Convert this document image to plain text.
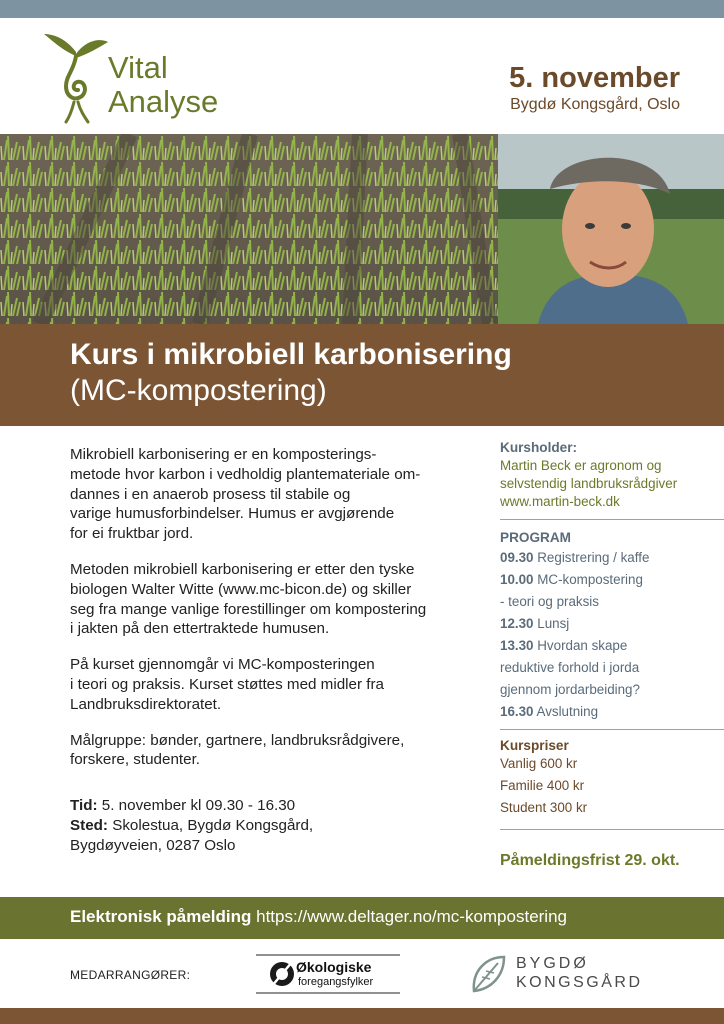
Vital
Analyse
5. november
Bygdø Kongsgård, Oslo
Kurs i mikrobiell karbonisering
(MC-kompostering)

Mikrobiell karbonisering er en komposterings-
metode hvor karbon i vedholdig plantemateriale om-
dannes i en anaerob prosess til stabile og
varige humusforbindelser. Humus er avgjørende
for ei fruktbar jord.

Metoden mikrobiell karbonisering er etter den tyske
biologen Walter Witte (www.mc-bicon.de) og skiller
seg fra mange vanlige forestillinger om kompostering
i jakten på den ettertraktede humusen.

På kurset gjennomgår vi MC-komposteringen
i teori og praksis. Kurset støttes med midler fra
Landbruksdirektoratet.

Målgruppe: bønder, gartnere, landbruksrådgivere,
forskere, studenter.

Tid: 5. november kl 09.30 - 16.30
Sted: Skolestua, Bygdø Kongsgård,
Bygdøyveien, 0287 Oslo
Kursholder:
Martin Beck er agronom og
selvstendig landbruksrådgiver
www.martin-beck.dk
PROGRAM
09.30 Registrering / kaffe
10.00 MC-kompostering
- teori og praksis
12.30 Lunsj
13.30 Hvordan skape
reduktive forhold i jorda
gjennom jordarbeiding?
16.30 Avslutning
Kurspriser
Vanlig 600 kr
Familie 400 kr
Student 300 kr
Påmeldingsfrist 29. okt.
Elektronisk påmelding https://www.deltager.no/mc-kompostering
MEDARRANGØRER:	Økologiske
foregangsfylker
BYGDØ
KONGSGÅRD
